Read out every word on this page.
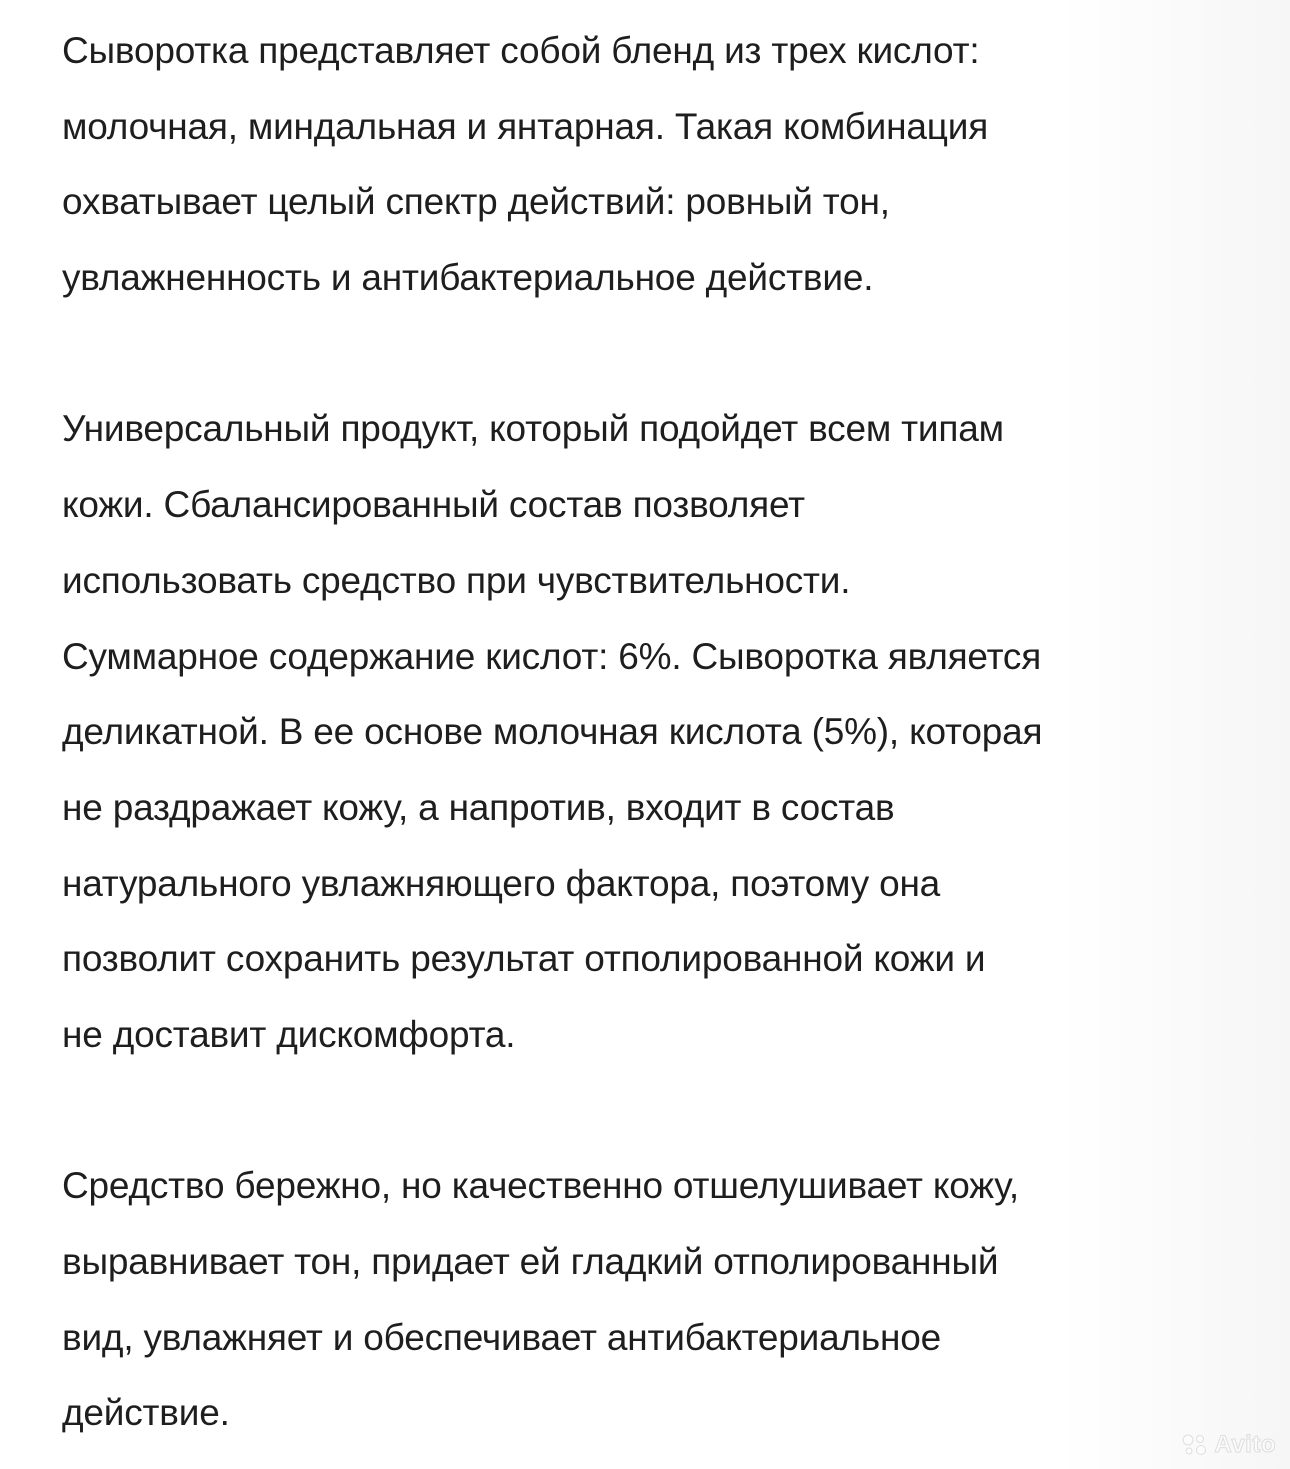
Сыворотка представляет собой бленд из трех кислот:
молочная, миндальная и янтарная. Такая комбинация
охватывает целый спектр действий: ровный тон,
увлажненность и антибактериальное действие.
Универсальный продукт, который подойдет всем типам
кожи. Сбалансированный состав позволяет
использовать средство при чувствительности.
Суммарное содержание кислот: 6%. Сыворотка является
деликатной. В ее основе молочная кислота (5%), которая
не раздражает кожу, а напротив, входит в состав
натурального увлажняющего фактора, поэтому она
позволит сохранить результат отполированной кожи и
не доставит дискомфорта.
Средство бережно, но качественно отшелушивает кожу,
выравнивает тон, придает ей гладкий отполированный
вид, увлажняет и обеспечивает антибактериальное
действие.
Avito
